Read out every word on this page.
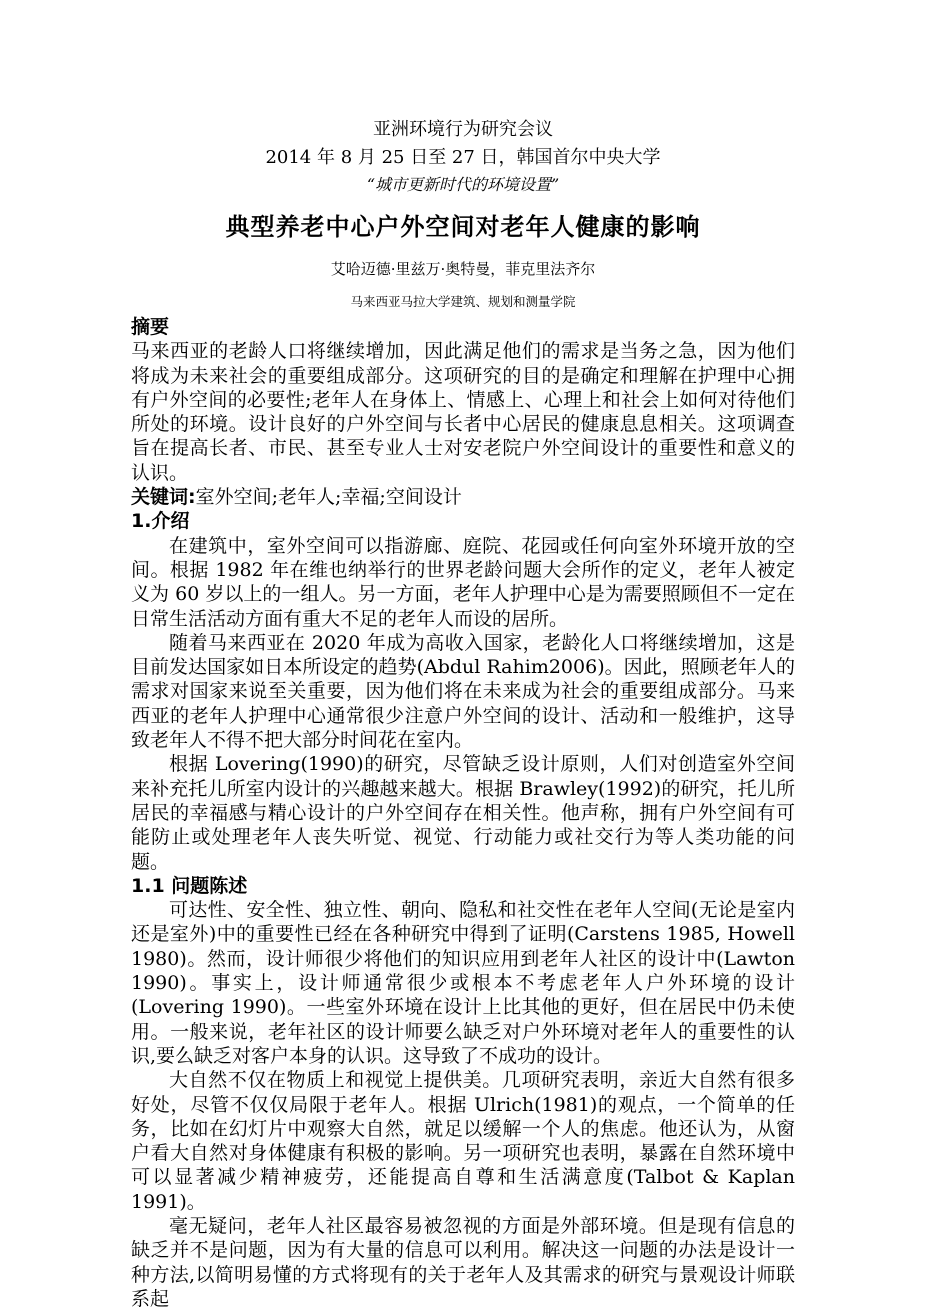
亚洲环境行为研究会议
2014 年 8 月 25 日至 27 日，韩国首尔中央大学
“城市更新时代的环境设置”
典型养老中心户外空间对老年人健康的影响
艾哈迈德·里兹万·奥特曼，菲克里法齐尔
马来西亚马拉大学建筑、规划和测量学院
摘要

马来西亚的老龄人口将继续增加，因此满足他们的需求是当务之急，因为他们将成为未来社会的重要组成部分。这项研究的目的是确定和理解在护理中心拥有户外空间的必要性;老年人在身体上、情感上、心理上和社会上如何对待他们所处的环境。设计良好的户外空间与长者中心居民的健康息息相关。这项调查旨在提高长者、市民、甚至专业人士对安老院户外空间设计的重要性和意义的认识。

关键词:室外空间;老年人;幸福;空间设计

1.介绍

在建筑中，室外空间可以指游廊、庭院、花园或任何向室外环境开放的空间。根据 1982 年在维也纳举行的世界老龄问题大会所作的定义，老年人被定义为 60 岁以上的一组人。另一方面，老年人护理中心是为需要照顾但不一定在日常生活活动方面有重大不足的老年人而设的居所。

随着马来西亚在 2020 年成为高收入国家，老龄化人口将继续增加，这是目前发达国家如日本所设定的趋势(Abdul Rahim2006)。因此，照顾老年人的需求对国家来说至关重要，因为他们将在未来成为社会的重要组成部分。马来西亚的老年人护理中心通常很少注意户外空间的设计、活动和一般维护，这导致老年人不得不把大部分时间花在室内。

根据 Lovering(1990)的研究，尽管缺乏设计原则，人们对创造室外空间来补充托儿所室内设计的兴趣越来越大。根据 Brawley(1992)的研究，托儿所居民的幸福感与精心设计的户外空间存在相关性。他声称，拥有户外空间有可能防止或处理老年人丧失听觉、视觉、行动能力或社交行为等人类功能的问题。

1.1 问题陈述

可达性、安全性、独立性、朝向、隐私和社交性在老年人空间(无论是室内还是室外)中的重要性已经在各种研究中得到了证明(Carstens 1985, Howell 1980)。然而，设计师很少将他们的知识应用到老年人社区的设计中(Lawton 1990)。事实上，设计师通常很少或根本不考虑老年人户外环境的设计(Lovering 1990)。一些室外环境在设计上比其他的更好，但在居民中仍未使用。一般来说，老年社区的设计师要么缺乏对户外环境对老年人的重要性的认识,要么缺乏对客户本身的认识。这导致了不成功的设计。

大自然不仅在物质上和视觉上提供美。几项研究表明，亲近大自然有很多好处，尽管不仅仅局限于老年人。根据 Ulrich(1981)的观点，一个简单的任务，比如在幻灯片中观察大自然，就足以缓解一个人的焦虑。他还认为，从窗户看大自然对身体健康有积极的影响。另一项研究也表明，暴露在自然环境中可以显著减少精神疲劳，还能提高自尊和生活满意度(Talbot & Kaplan 1991)。

毫无疑问，老年人社区最容易被忽视的方面是外部环境。但是现有信息的缺乏并不是问题，因为有大量的信息可以利用。解决这一问题的办法是设计一种方法,以简明易懂的方式将现有的关于老年人及其需求的研究与景观设计师联系起
